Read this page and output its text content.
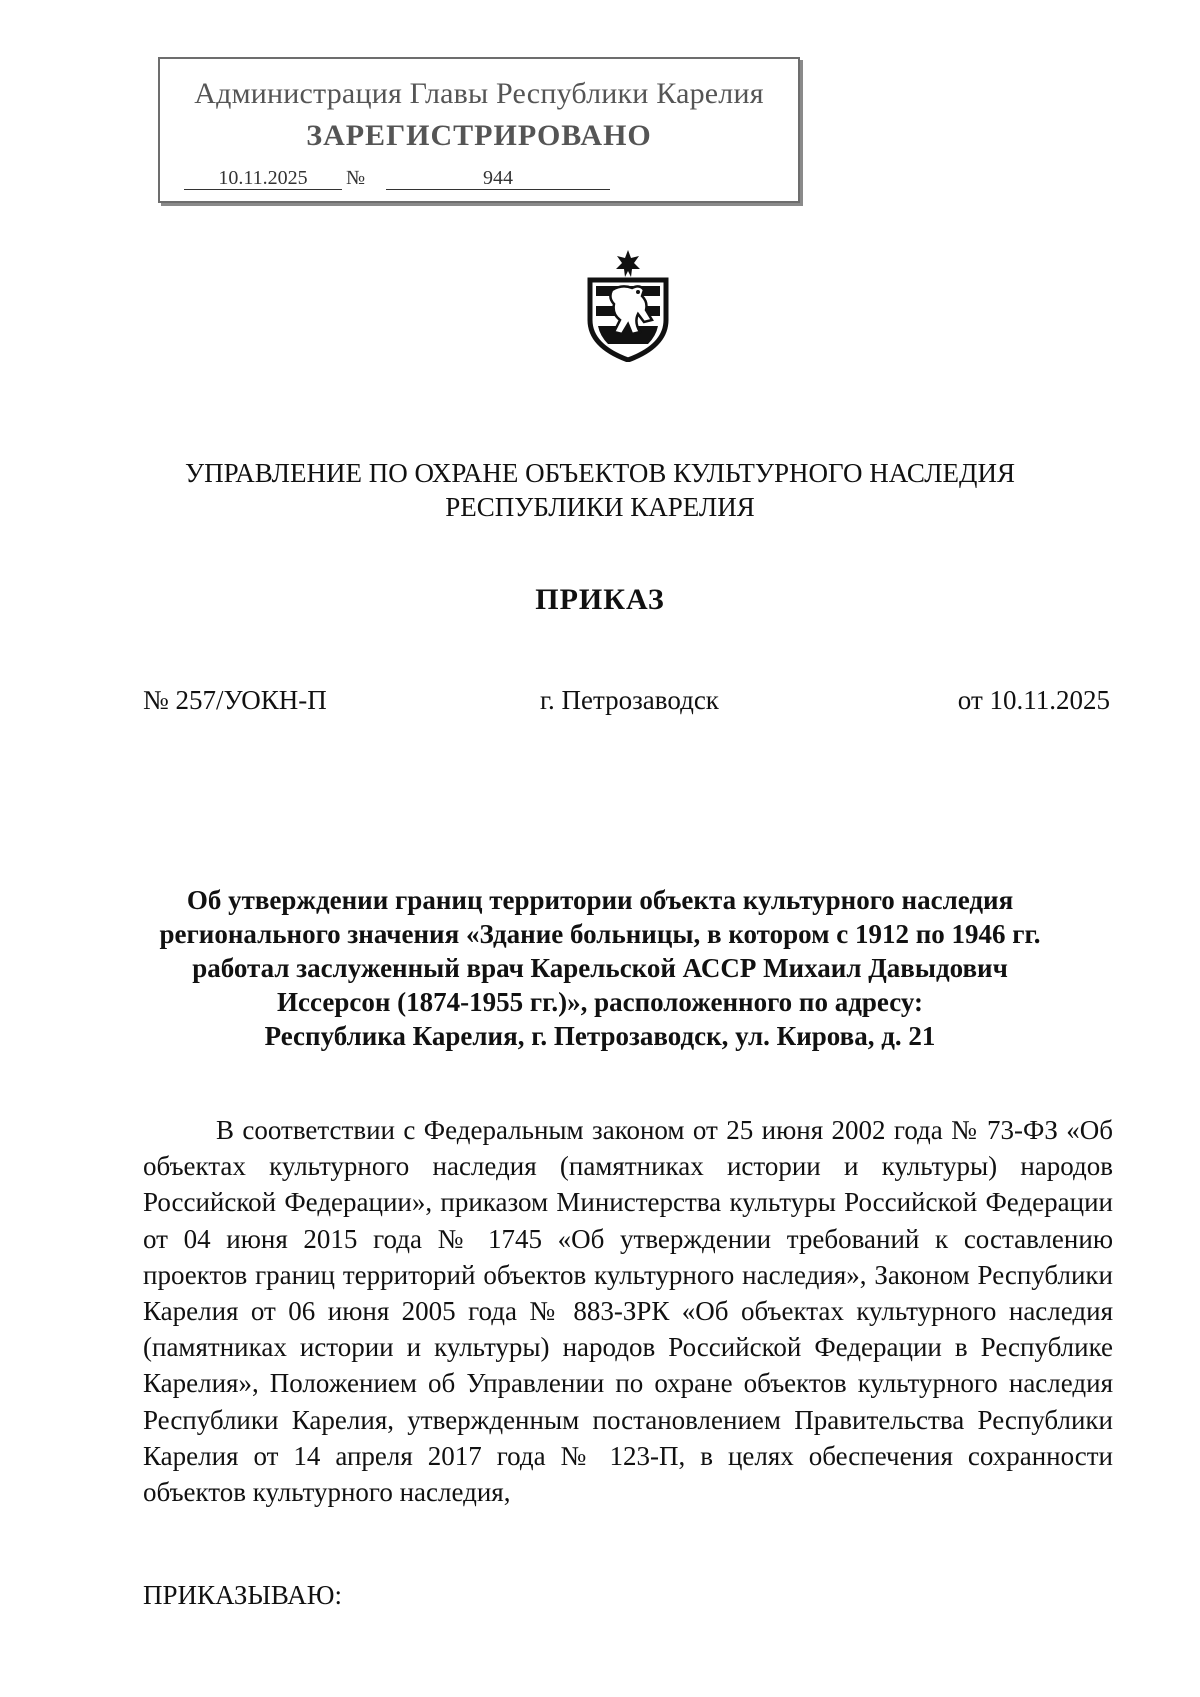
Администрация Главы Республики Карелия
ЗАРЕГИСТРИРОВАНО
10.11.2025	№	944
УПРАВЛЕНИЕ ПО ОХРАНЕ ОБЪЕКТОВ КУЛЬТУРНОГО НАСЛЕДИЯ
РЕСПУБЛИКИ КАРЕЛИЯ
ПРИКАЗ
№ 257/УОКН-П	г. Петрозаводск	от 10.11.2025
Об утверждении границ территории объекта культурного наследия
регионального значения «Здание больницы, в котором с 1912 по 1946 гг.
работал заслуженный врач Карельской АССР Михаил Давыдович
Иссерсон (1874-1955 гг.)», расположенного по адресу:
Республика Карелия, г. Петрозаводск, ул. Кирова, д. 21
В соответствии с Федеральным законом от 25 июня 2002 года № 73-ФЗ «Об объектах культурного наследия (памятниках истории и культуры) народов Российской Федерации», приказом Министерства культуры Российской Федерации от 04 июня 2015 года № 1745 «Об утверждении требований к составлению проектов границ территорий объектов культурного наследия», Законом Республики Карелия от 06 июня 2005 года № 883-ЗРК «Об объектах культурного наследия (памятниках истории и культуры) народов Российской Федерации в Республике Карелия», Положением об Управлении по охране объектов культурного наследия Республики Карелия, утвержденным постановлением Правительства Республики Карелия от 14 апреля 2017 года № 123-П, в целях обеспечения сохранности объектов культурного наследия,
ПРИКАЗЫВАЮ:
